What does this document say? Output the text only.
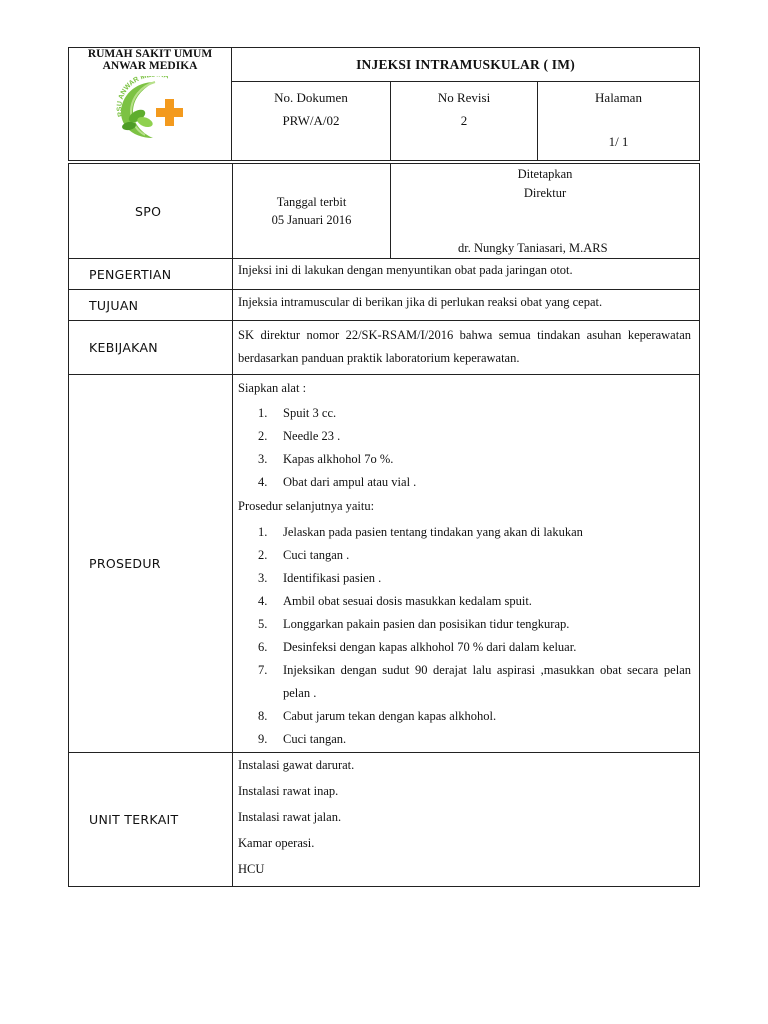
RUMAH SAKIT UMUM
ANWAR MEDIKA
RSU ANWAR M A
INJEKSI INTRAMUSKULAR ( IM)
No. Dokumen
PRW/A/02
No Revisi
2
Halaman
1/ 1
SPO
Tanggal terbit
05 Januari 2016
Ditetapkan
Direktur
dr. Nungky Taniasari, M.ARS
PENGERTIAN	Injeksi ini di lakukan dengan menyuntikan obat pada jaringan otot.
TUJUAN	Injeksia intramuscular di berikan jika di perlukan reaksi obat yang cepat.
KEBIJAKAN
SK direktur nomor 22/SK-RSAM/I/2016 bahwa semua tindakan asuhan keperawatan berdasarkan panduan praktik laboratorium keperawatan.
PROSEDUR

Siapkan alat :

1. Spuit 3 cc.
2. Needle 23 .
3. Kapas alkhohol 7o %.
4. Obat dari ampul atau vial .

Prosedur selanjutnya yaitu:

1. Jelaskan pada pasien tentang tindakan yang akan di lakukan
2. Cuci tangan .
3. Identifikasi pasien .
4. Ambil obat sesuai dosis masukkan kedalam spuit.
5. Longgarkan pakain pasien dan posisikan tidur tengkurap.
6. Desinfeksi dengan kapas alkhohol 70 % dari dalam keluar.
7. Injeksikan dengan sudut 90 derajat lalu aspirasi ,masukkan obat secara pelan pelan .
8. Cabut jarum tekan dengan kapas alkhohol.
9. Cuci tangan.
UNIT TERKAIT
Instalasi gawat darurat.
Instalasi rawat inap.
Instalasi rawat jalan.
Kamar operasi.
HCU
